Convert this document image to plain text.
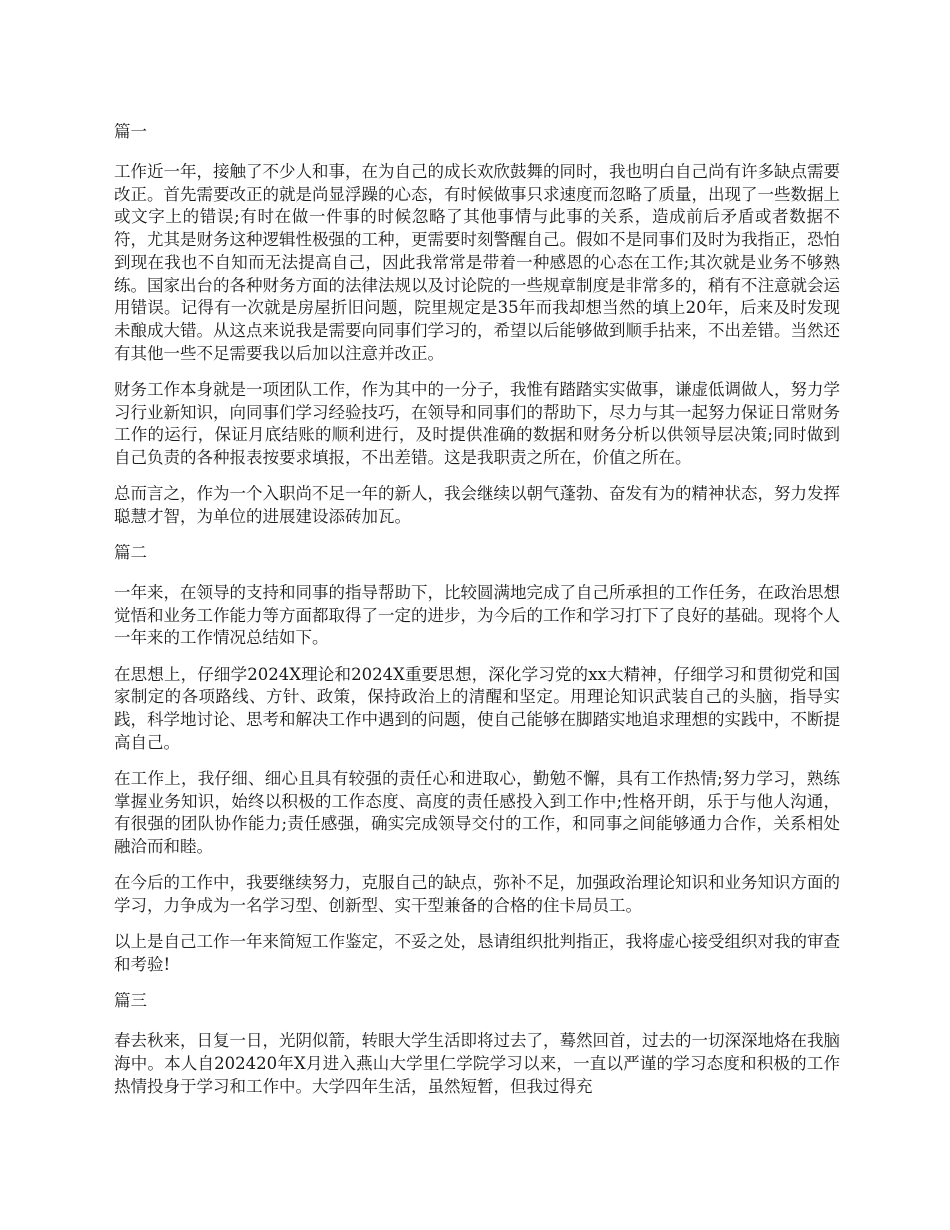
篇一

工作近一年，接触了不少人和事，在为自己的成长欢欣鼓舞的同时，我也明白自己尚有许多缺点需要改正。首先需要改正的就是尚显浮躁的心态，有时候做事只求速度而忽略了质量，出现了一些数据上或文字上的错误;有时在做一件事的时候忽略了其他事情与此事的关系，造成前后矛盾或者数据不符，尤其是财务这种逻辑性极强的工种，更需要时刻警醒自己。假如不是同事们及时为我指正，恐怕到现在我也不自知而无法提高自己，因此我常常是带着一种感恩的心态在工作;其次就是业务不够熟练。国家出台的各种财务方面的法律法规以及讨论院的一些规章制度是非常多的，稍有不注意就会运用错误。记得有一次就是房屋折旧问题，院里规定是35年而我却想当然的填上20年，后来及时发现未酿成大错。从这点来说我是需要向同事们学习的，希望以后能够做到顺手拈来，不出差错。当然还有其他一些不足需要我以后加以注意并改正。

财务工作本身就是一项团队工作，作为其中的一分子，我惟有踏踏实实做事，谦虚低调做人，努力学习行业新知识，向同事们学习经验技巧，在领导和同事们的帮助下，尽力与其一起努力保证日常财务工作的运行，保证月底结账的顺利进行，及时提供准确的数据和财务分析以供领导层决策;同时做到自己负责的各种报表按要求填报，不出差错。这是我职责之所在，价值之所在。

总而言之，作为一个入职尚不足一年的新人，我会继续以朝气蓬勃、奋发有为的精神状态，努力发挥聪慧才智，为单位的进展建设添砖加瓦。

篇二

一年来，在领导的支持和同事的指导帮助下，比较圆满地完成了自己所承担的工作任务，在政治思想觉悟和业务工作能力等方面都取得了一定的进步，为今后的工作和学习打下了良好的基础。现将个人一年来的工作情况总结如下。

在思想上，仔细学2024X理论和2024X重要思想，深化学习党的xx大精神，仔细学习和贯彻党和国家制定的各项路线、方针、政策，保持政治上的清醒和坚定。用理论知识武装自己的头脑，指导实践，科学地讨论、思考和解决工作中遇到的问题，使自己能够在脚踏实地追求理想的实践中，不断提高自己。

在工作上，我仔细、细心且具有较强的责任心和进取心，勤勉不懈，具有工作热情;努力学习，熟练掌握业务知识，始终以积极的工作态度、高度的责任感投入到工作中;性格开朗，乐于与他人沟通，有很强的团队协作能力;责任感强，确实完成领导交付的工作，和同事之间能够通力合作，关系相处融洽而和睦。

在今后的工作中，我要继续努力，克服自己的缺点，弥补不足，加强政治理论知识和业务知识方面的学习，力争成为一名学习型、创新型、实干型兼备的合格的住卡局员工。

以上是自己工作一年来简短工作鉴定，不妥之处，恳请组织批判指正，我将虚心接受组织对我的审查和考验!

篇三

春去秋来，日复一日，光阴似箭，转眼大学生活即将过去了，蓦然回首，过去的一切深深地烙在我脑海中。本人自202420年X月进入燕山大学里仁学院学习以来，一直以严谨的学习态度和积极的工作热情投身于学习和工作中。大学四年生活，虽然短暂，但我过得充
